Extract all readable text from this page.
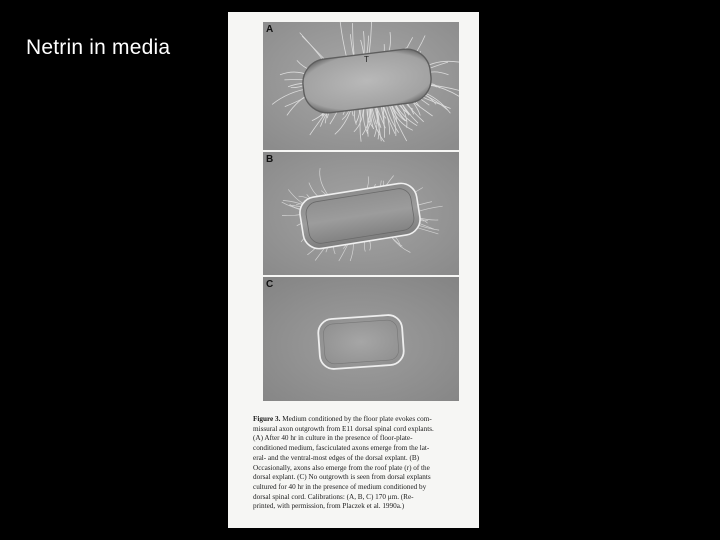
Netrin in media
T
A
B
C
Figure 3. Medium conditioned by the floor plate evokes com-
missural axon outgrowth from E11 dorsal spinal cord explants.
(A) After 40 hr in culture in the presence of floor-plate-
conditioned medium, fasciculated axons emerge from the lat-
eral- and the ventral-most edges of the dorsal explant. (B)
Occasionally, axons also emerge from the roof plate (r) of the
dorsal explant. (C) No outgrowth is seen from dorsal explants
cultured for 40 hr in the presence of medium conditioned by
dorsal spinal cord. Calibrations: (A, B, C) 170 μm. (Re-
printed, with permission, from Placzek et al. 1990a.)
